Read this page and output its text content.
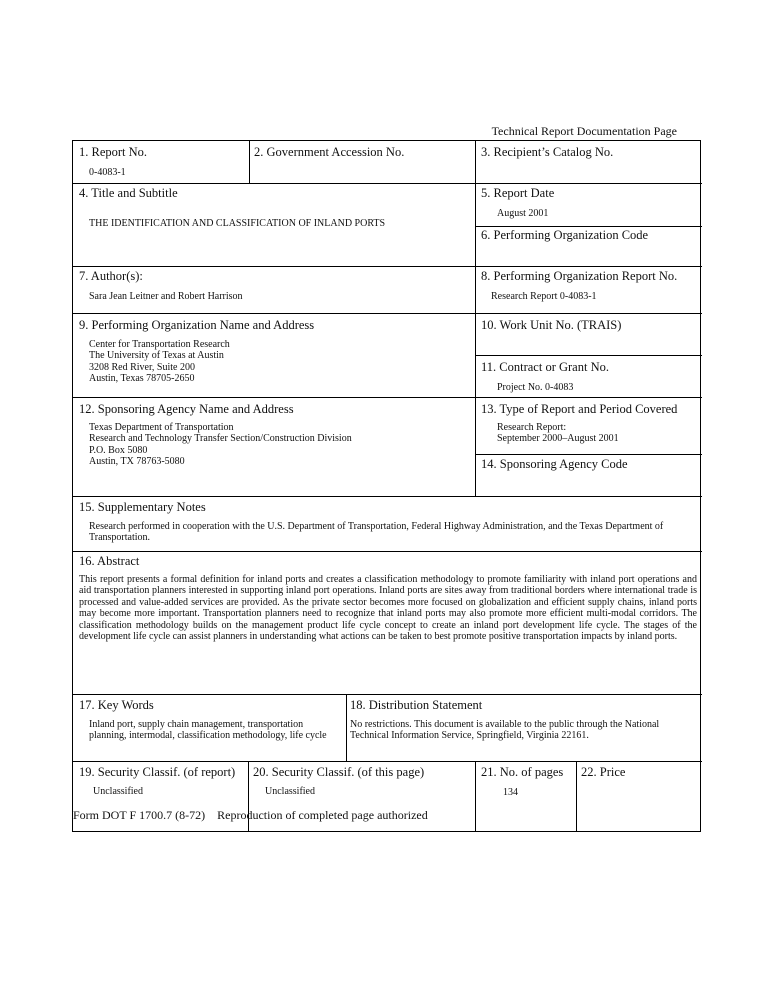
Technical Report Documentation Page
1. Report No.
0-4083-1
2. Government Accession No.	3. Recipient’s Catalog No.
4. Title and Subtitle
THE IDENTIFICATION AND CLASSIFICATION OF INLAND PORTS
5. Report Date
August 2001
6. Performing Organization Code
7. Author(s):
Sara Jean Leitner and Robert Harrison
8. Performing Organization Report No.
Research Report 0-4083-1
9. Performing Organization Name and Address
Center for Transportation Research
The University of Texas at Austin
3208 Red River, Suite 200
Austin, Texas 78705-2650
10. Work Unit No. (TRAIS)
11. Contract or Grant No.
Project No. 0-4083
12. Sponsoring Agency Name and Address
Texas Department of Transportation
Research and Technology Transfer Section/Construction Division
P.O. Box 5080
Austin, TX 78763-5080
13. Type of Report and Period Covered
Research Report:
September 2000–August 2001
14. Sponsoring Agency Code
15. Supplementary Notes
Research performed in cooperation with the U.S. Department of Transportation, Federal Highway Administration, and the Texas Department of Transportation.
16. Abstract
This report presents a formal definition for inland ports and creates a classification methodology to promote familiarity with inland port operations and aid transportation planners interested in supporting inland port operations. Inland ports are sites away from traditional borders where international trade is processed and value-added services are provided. As the private sector becomes more focused on globalization and efficient supply chains, inland ports may become more important. Transportation planners need to recognize that inland ports may also promote more efficient multi-modal corridors. The classification methodology builds on the management product life cycle concept to create an inland port development life cycle. The stages of the development life cycle can assist planners in understanding what actions can be taken to best promote positive transportation impacts by inland ports.
17. Key Words
Inland port, supply chain management, transportation planning, intermodal, classification methodology, life cycle
18. Distribution Statement
No restrictions. This document is available to the public through the National Technical Information Service, Springfield, Virginia 22161.
19. Security Classif. (of report)
Unclassified
20. Security Classif. (of this page)
Unclassified
21. No. of pages
134
22. Price
Form DOT F 1700.7 (8-72) Reproduction of completed page authorized
